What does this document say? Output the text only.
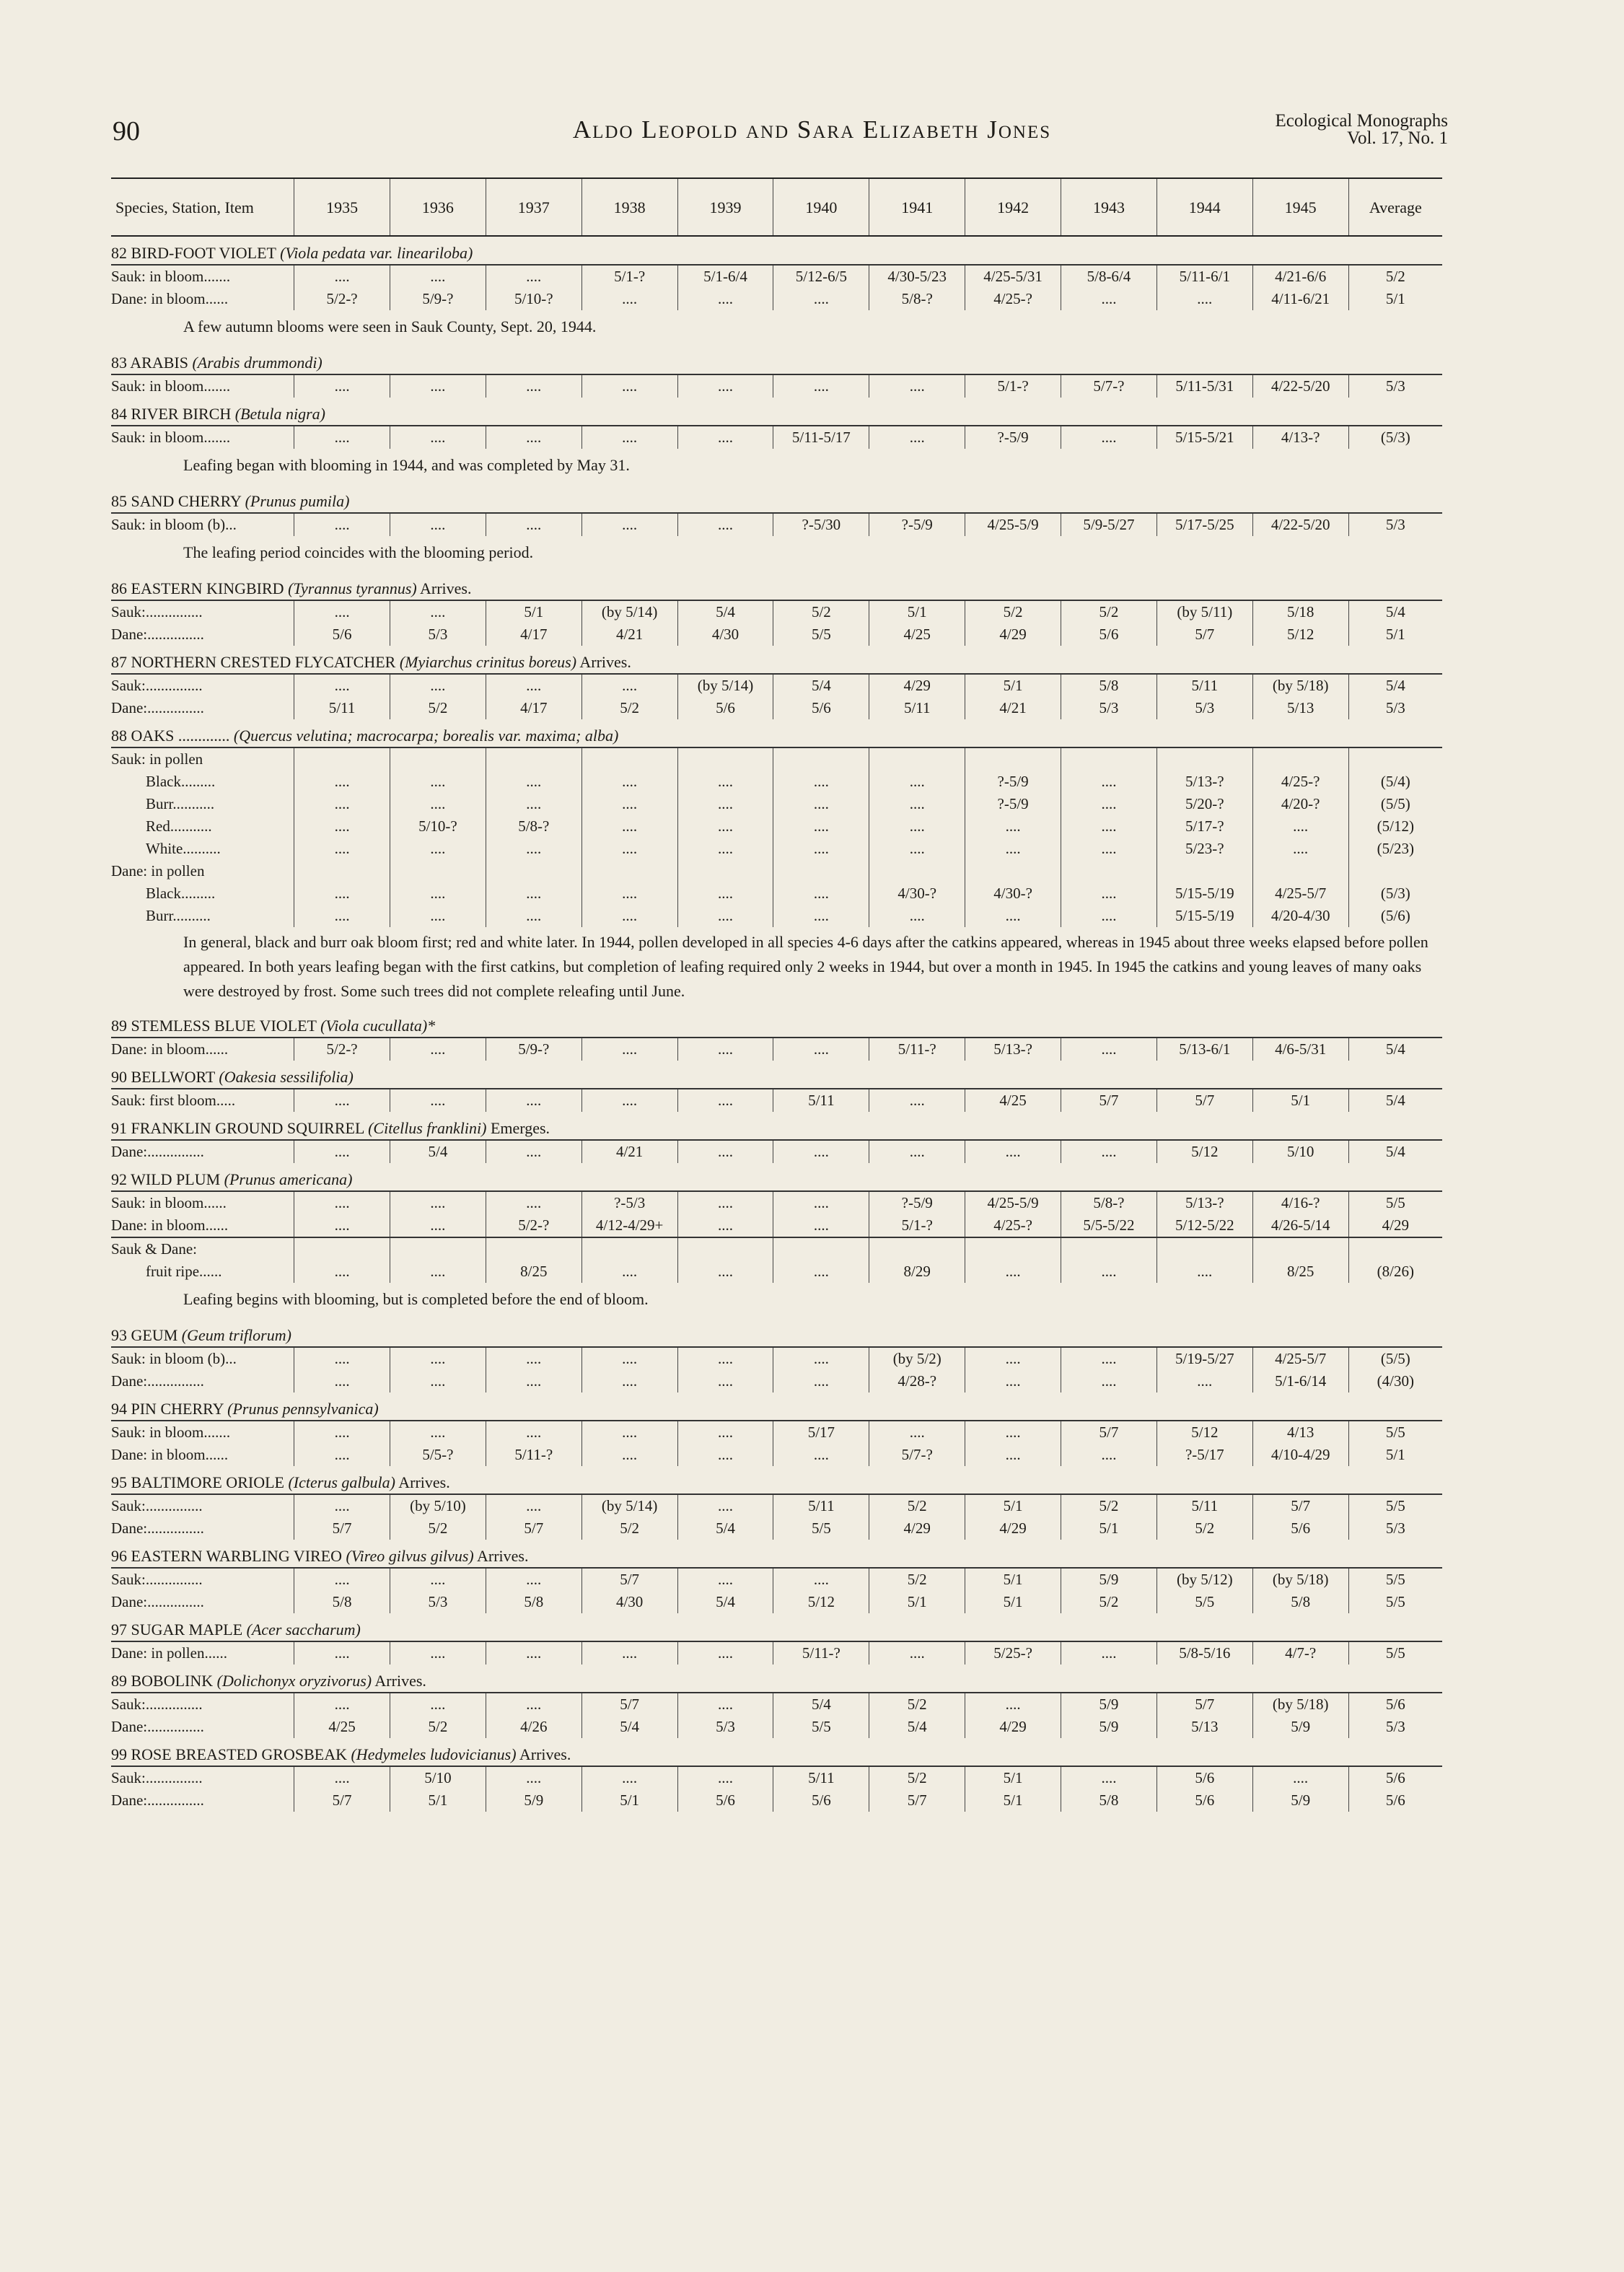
90	Aldo Leopold and Sara Elizabeth Jones	Ecological Monographs
Vol. 17, No. 1
Species, Station, Item	1935	1936	1937	1938	1939	1940	1941	1942	1943	1944	1945	Average
82 BIRD-FOOT VIOLET (Viola pedata var. lineariloba)												
Sauk: in bloom.......	....	....	....	5/1-?	5/1-6/4	5/12-6/5	4/30-5/23	4/25-5/31	5/8-6/4	5/11-6/1	4/21-6/6	5/2
Dane: in bloom......	5/2-?	5/9-?	5/10-?	....	....	....	5/8-?	4/25-?	....	....	4/11-6/21	5/1
A few autumn blooms were seen in Sauk County, Sept. 20, 1944.												
83 ARABIS (Arabis drummondi)												
Sauk: in bloom.......	....	....	....	....	....	....	....	5/1-?	5/7-?	5/11-5/31	4/22-5/20	5/3
84 RIVER BIRCH (Betula nigra)												
Sauk: in bloom.......	....	....	....	....	....	5/11-5/17	....	?-5/9	....	5/15-5/21	4/13-?	(5/3)
Leafing began with blooming in 1944, and was completed by May 31.												
85 SAND CHERRY (Prunus pumila)												
Sauk: in bloom (b)...	....	....	....	....	....	?-5/30	?-5/9	4/25-5/9	5/9-5/27	5/17-5/25	4/22-5/20	5/3
The leafing period coincides with the blooming period.												
86 EASTERN KINGBIRD (Tyrannus tyrannus) Arrives.												
Sauk:...............	....	....	5/1	(by 5/14)	5/4	5/2	5/1	5/2	5/2	(by 5/11)	5/18	5/4
Dane:...............	5/6	5/3	4/17	4/21	4/30	5/5	4/25	4/29	5/6	5/7	5/12	5/1
87 NORTHERN CRESTED FLYCATCHER (Myiarchus crinitus boreus) Arrives.												
Sauk:...............	....	....	....	....	(by 5/14)	5/4	4/29	5/1	5/8	5/11	(by 5/18)	5/4
Dane:...............	5/11	5/2	4/17	5/2	5/6	5/6	5/11	4/21	5/3	5/3	5/13	5/3
88 OAKS ............. (Quercus velutina; macrocarpa; borealis var. maxima; alba)												
Sauk: in pollen												
Black.........	....	....	....	....	....	....	....	?-5/9	....	5/13-?	4/25-?	(5/4)
Burr...........	....	....	....	....	....	....	....	?-5/9	....	5/20-?	4/20-?	(5/5)
Red...........	....	5/10-?	5/8-?	....	....	....	....	....	....	5/17-?	....	(5/12)
White..........	....	....	....	....	....	....	....	....	....	5/23-?	....	(5/23)
Dane: in pollen												
Black.........	....	....	....	....	....	....	4/30-?	4/30-?	....	5/15-5/19	4/25-5/7	(5/3)
Burr..........	....	....	....	....	....	....	....	....	....	5/15-5/19	4/20-4/30	(5/6)
In general, black and burr oak bloom first; red and white later. In 1944, pollen developed in all species 4-6 days after the catkins appeared, whereas in 1945 about three weeks elapsed before pollen appeared. In both years leafing began with the first catkins, but completion of leafing required only 2 weeks in 1944, but over a month in 1945. In 1945 the catkins and young leaves of many oaks were destroyed by frost. Some such trees did not complete releafing until June.												
89 STEMLESS BLUE VIOLET (Viola cucullata)*												
Dane: in bloom......	5/2-?	....	5/9-?	....	....	....	5/11-?	5/13-?	....	5/13-6/1	4/6-5/31	5/4
90 BELLWORT (Oakesia sessilifolia)												
Sauk: first bloom.....	....	....	....	....	....	5/11	....	4/25	5/7	5/7	5/1	5/4
91 FRANKLIN GROUND SQUIRREL (Citellus franklini) Emerges.												
Dane:...............	....	5/4	....	4/21	....	....	....	....	....	5/12	5/10	5/4
92 WILD PLUM (Prunus americana)												
Sauk: in bloom......	....	....	....	?-5/3	....	....	?-5/9	4/25-5/9	5/8-?	5/13-?	4/16-?	5/5
Dane: in bloom......	....	....	5/2-?	4/12-4/29+	....	....	5/1-?	4/25-?	5/5-5/22	5/12-5/22	4/26-5/14	4/29
Sauk & Dane:												
fruit ripe......	....	....	8/25	....	....	....	8/29	....	....	....	8/25	(8/26)
Leafing begins with blooming, but is completed before the end of bloom.												
93 GEUM (Geum triflorum)												
Sauk: in bloom (b)...	....	....	....	....	....	....	(by 5/2)	....	....	5/19-5/27	4/25-5/7	(5/5)
Dane:...............	....	....	....	....	....	....	4/28-?	....	....	....	5/1-6/14	(4/30)
94 PIN CHERRY (Prunus pennsylvanica)												
Sauk: in bloom.......	....	....	....	....	....	5/17	....	....	5/7	5/12	4/13	5/5
Dane: in bloom......	....	5/5-?	5/11-?	....	....	....	5/7-?	....	....	?-5/17	4/10-4/29	5/1
95 BALTIMORE ORIOLE (Icterus galbula) Arrives.												
Sauk:...............	....	(by 5/10)	....	(by 5/14)	....	5/11	5/2	5/1	5/2	5/11	5/7	5/5
Dane:...............	5/7	5/2	5/7	5/2	5/4	5/5	4/29	4/29	5/1	5/2	5/6	5/3
96 EASTERN WARBLING VIREO (Vireo gilvus gilvus) Arrives.												
Sauk:...............	....	....	....	5/7	....	....	5/2	5/1	5/9	(by 5/12)	(by 5/18)	5/5
Dane:...............	5/8	5/3	5/8	4/30	5/4	5/12	5/1	5/1	5/2	5/5	5/8	5/5
97 SUGAR MAPLE (Acer saccharum)												
Dane: in pollen......	....	....	....	....	....	5/11-?	....	5/25-?	....	5/8-5/16	4/7-?	5/5
89 BOBOLINK (Dolichonyx oryzivorus) Arrives.												
Sauk:...............	....	....	....	5/7	....	5/4	5/2	....	5/9	5/7	(by 5/18)	5/6
Dane:...............	4/25	5/2	4/26	5/4	5/3	5/5	5/4	4/29	5/9	5/13	5/9	5/3
99 ROSE BREASTED GROSBEAK (Hedymeles ludovicianus) Arrives.												
Sauk:...............	....	5/10	....	....	....	5/11	5/2	5/1	....	5/6	....	5/6
Dane:...............	5/7	5/1	5/9	5/1	5/6	5/6	5/7	5/1	5/8	5/6	5/9	5/6
